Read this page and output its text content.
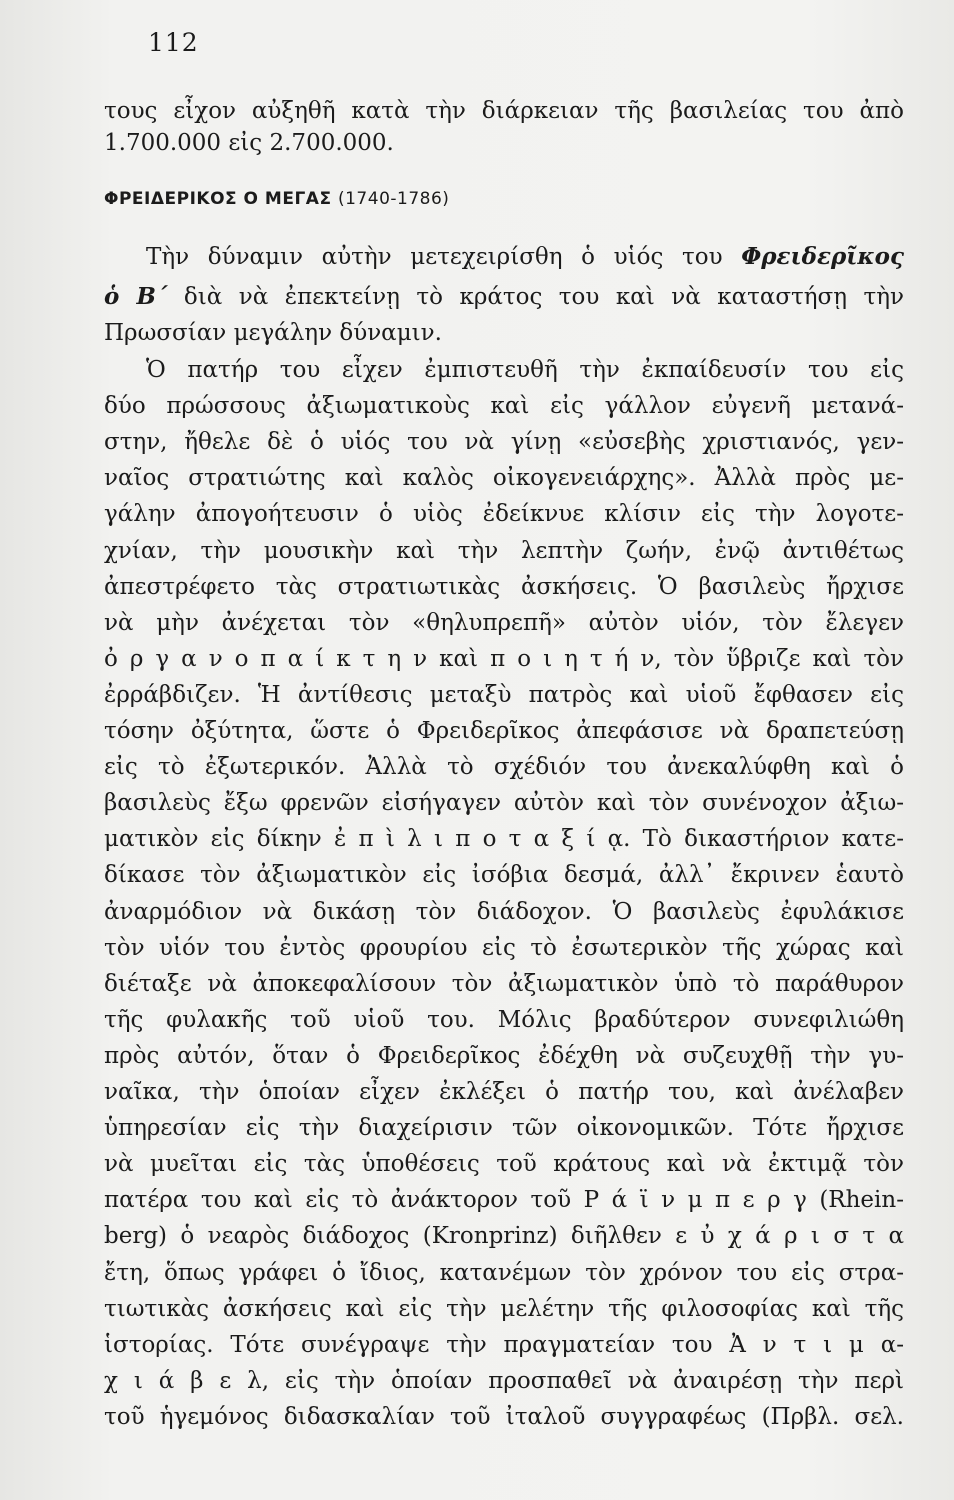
112
τους εἶχον αὐξηθῆ κατὰ τὴν διάρκειαν τῆς βασιλείας του ἀπὸ
1.700.000 εἰς 2.700.000.
ΦΡΕΙΔΕΡΙΚΟΣ Ο ΜΕΓΑΣ (1740-1786)
Τὴν δύναμιν αὐτὴν μετεχειρίσθη ὁ υἱός του Φρειδερῖκος
ὁ Β΄ διὰ νὰ ἐπεκτείνῃ τὸ κράτος του καὶ νὰ καταστήσῃ τὴν
Πρωσσίαν μεγάλην δύναμιν.
Ὁ πατήρ του εἶχεν ἐμπιστευθῆ τὴν ἐκπαίδευσίν του εἰς
δύο πρώσσους ἀξιωματικοὺς καὶ εἰς γάλλον εὐγενῆ μετανά-
στην, ἤθελε δὲ ὁ υἱός του νὰ γίνῃ «εὐσεβὴς χριστιανός, γεν-
ναῖος στρατιώτης καὶ καλὸς οἰκογενειάρχης». Ἀλλὰ πρὸς με-
γάλην ἀπογοήτευσιν ὁ υἱὸς ἐδείκνυε κλίσιν εἰς τὴν λογοτε-
χνίαν, τὴν μουσικὴν καὶ τὴν λεπτὴν ζωήν, ἐνῷ ἀντιθέτως
ἀπεστρέφετο τὰς στρατιωτικὰς ἀσκήσεις. Ὁ βασιλεὺς ἤρχισε
νὰ μὴν ἀνέχεται τὸν «θηλυπρεπῆ» αὐτὸν υἱόν, τὸν ἔλεγεν
ὀ ρ γ α ν ο π α ί κ τ η ν καὶ π ο ι η τ ή ν, τὸν ὕβριζε καὶ τὸν
ἐρράβδιζεν. Ἡ ἀντίθεσις μεταξὺ πατρὸς καὶ υἱοῦ ἔφθασεν εἰς
τόσην ὀξύτητα, ὥστε ὁ Φρειδερῖκος ἀπεφάσισε νὰ δραπετεύσῃ
εἰς τὸ ἐξωτερικόν. Ἀλλὰ τὸ σχέδιόν του ἀνεκαλύφθη καὶ ὁ
βασιλεὺς ἔξω φρενῶν εἰσήγαγεν αὐτὸν καὶ τὸν συνένοχον ἀξιω-
ματικὸν εἰς δίκην ἐ π ὶ λ ι π ο τ α ξ ί ᾳ. Τὸ δικαστήριον κατε-
δίκασε τὸν ἀξιωματικὸν εἰς ἰσόβια δεσμά, ἀλλ᾽ ἔκρινεν ἑαυτὸ
ἀναρμόδιον νὰ δικάσῃ τὸν διάδοχον. Ὁ βασιλεὺς ἐφυλάκισε
τὸν υἱόν του ἐντὸς φρουρίου εἰς τὸ ἐσωτερικὸν τῆς χώρας καὶ
διέταξε νὰ ἀποκεφαλίσουν τὸν ἀξιωματικὸν ὑπὸ τὸ παράθυρον
τῆς φυλακῆς τοῦ υἱοῦ του. Μόλις βραδύτερον συνεφιλιώθη
πρὸς αὐτόν, ὅταν ὁ Φρειδερῖκος ἐδέχθη νὰ συζευχθῇ τὴν γυ-
ναῖκα, τὴν ὁποίαν εἶχεν ἐκλέξει ὁ πατήρ του, καὶ ἀνέλαβεν
ὑπηρεσίαν εἰς τὴν διαχείρισιν τῶν οἰκονομικῶν. Τότε ἤρχισε
νὰ μυεῖται εἰς τὰς ὑποθέσεις τοῦ κράτους καὶ νὰ ἐκτιμᾷ τὸν
πατέρα του καὶ εἰς τὸ ἀνάκτορον τοῦ Ρ ά ϊ ν μ π ε ρ γ (Rhein-
berg) ὁ νεαρὸς διάδοχος (Kronprinz) διῆλθεν ε ὐ χ ά ρ ι σ τ α
ἔτη, ὅπως γράφει ὁ ἴδιος, κατανέμων τὸν χρόνον του εἰς στρα-
τιωτικὰς ἀσκήσεις καὶ εἰς τὴν μελέτην τῆς φιλοσοφίας καὶ τῆς
ἱστορίας. Τότε συνέγραψε τὴν πραγματείαν του Ἀ ν τ ι μ α-
χ ι ά β ε λ, εἰς τὴν ὁποίαν προσπαθεῖ νὰ ἀναιρέσῃ τὴν περὶ
τοῦ ἡγεμόνος διδασκαλίαν τοῦ ἰταλοῦ συγγραφέως (Πρβλ. σελ.
